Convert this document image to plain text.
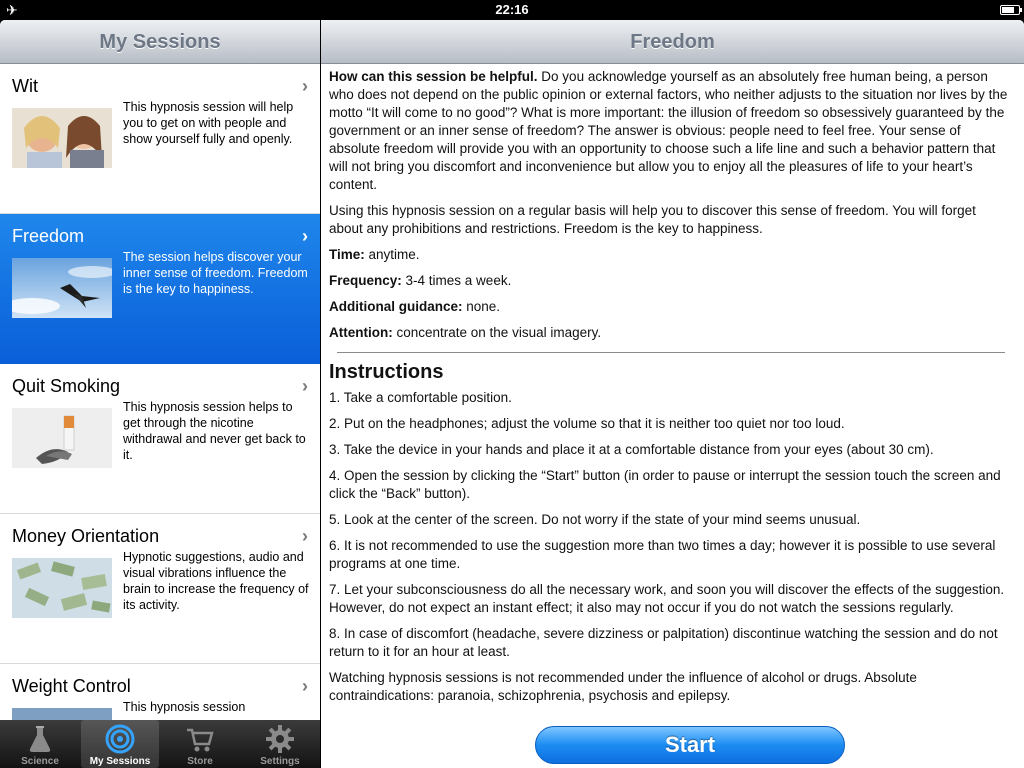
✈	22:16
My Sessions
Wit	›
This hypnosis session will help you to get on with people and show yourself fully and openly.
Freedom	›
The session helps discover your inner sense of freedom. Freedom is the key to happiness.
Quit Smoking	›
This hypnosis session helps to get through the nicotine withdrawal and never get back to it.
Money Orientation	›
Hypnotic suggestions, audio and visual vibrations influence the brain to increase the frequency of its activity.
Weight Control	›
This hypnosis session
Science	My Sessions	Store	Settings
Freedom

How can this session be helpful. Do you acknowledge yourself as an absolutely free human being, a person who does not depend on the public opinion or external factors, who neither adjusts to the situation nor lives by the motto “It will come to no good”? What is more important: the illusion of freedom so obsessively guaranteed by the government or an inner sense of freedom? The answer is obvious: people need to feel free. Your sense of absolute freedom will provide you with an opportunity to choose such a life line and such a behavior pattern that will not bring you discomfort and inconvenience but allow you to enjoy all the pleasures of life to your heart’s content.

Using this hypnosis session on a regular basis will help you to discover this sense of freedom. You will forget about any prohibitions and restrictions. Freedom is the key to happiness.

Time: anytime.

Frequency: 3-4 times a week.

Additional guidance: none.

Attention: concentrate on the visual imagery.

Instructions

1. Take a comfortable position.

2. Put on the headphones; adjust the volume so that it is neither too quiet nor too loud.

3. Take the device in your hands and place it at a comfortable distance from your eyes (about 30 cm).

4. Open the session by clicking the “Start” button (in order to pause or interrupt the session touch the screen and click the “Back” button).

5. Look at the center of the screen. Do not worry if the state of your mind seems unusual.

6. It is not recommended to use the suggestion more than two times a day; however it is possible to use several programs at one time.

7. Let your subconsciousness do all the necessary work, and soon you will discover the effects of the suggestion. However, do not expect an instant effect; it also may not occur if you do not watch the sessions regularly.

8. In case of discomfort (headache, severe dizziness or palpitation) discontinue watching the session and do not return to it for an hour at least.

Watching hypnosis sessions is not recommended under the influence of alcohol or drugs. Absolute contraindications: paranoia, schizophrenia, psychosis and epilepsy.

Start
